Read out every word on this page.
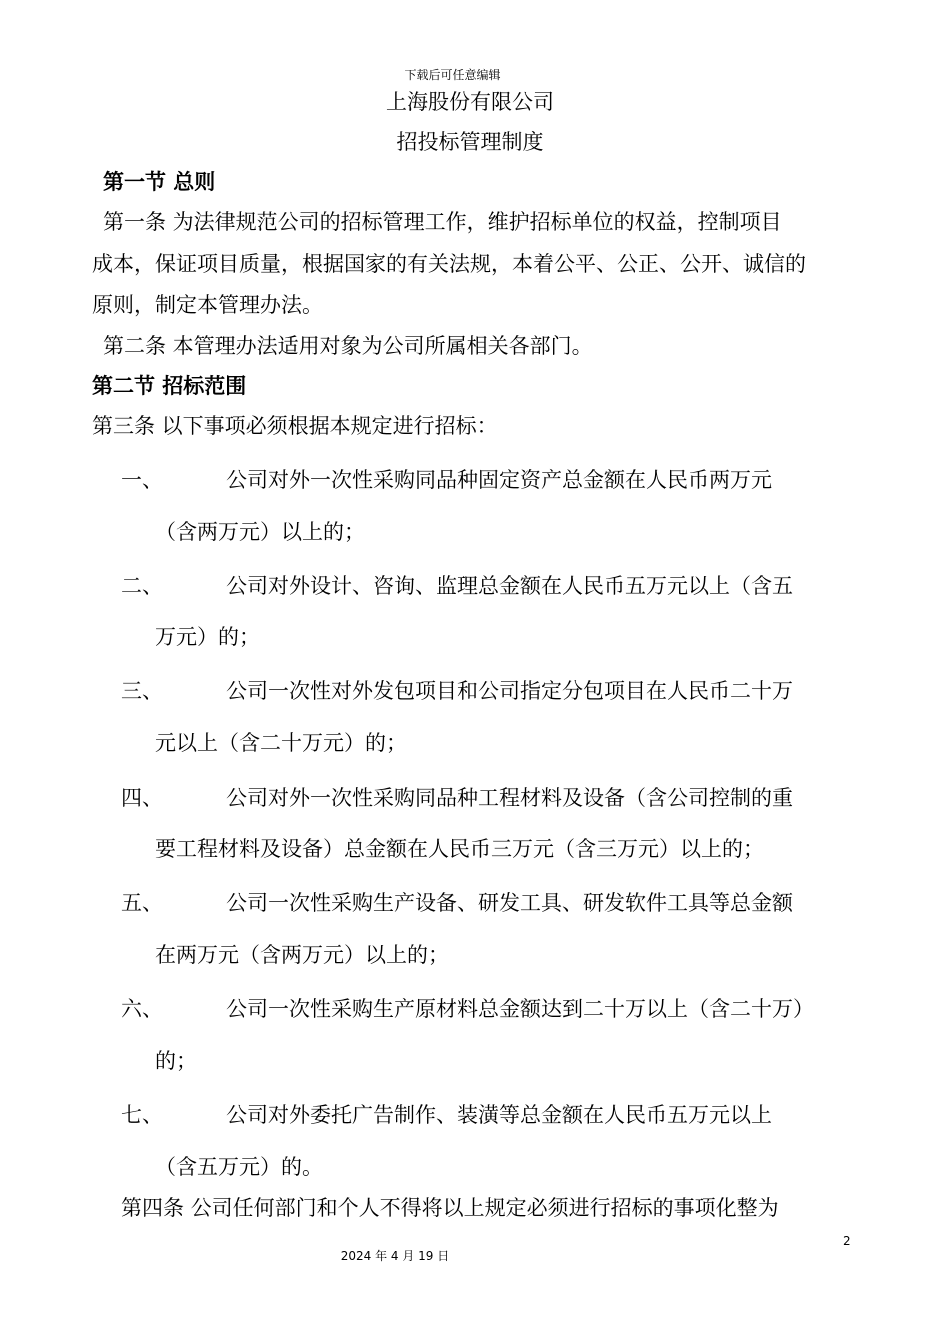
下载后可任意编辑
上海股份有限公司
招投标管理制度
第一节 总则
第一条 为法律规范公司的招标管理工作，维护招标单位的权益，控制项目
成本，保证项目质量，根据国家的有关法规，本着公平、公正、公开、诚信的
原则，制定本管理办法。
第二条 本管理办法适用对象为公司所属相关各部门。
第二节 招标范围
第三条 以下事项必须根据本规定进行招标：
一、	公司对外一次性采购同品种固定资产总金额在人民币两万元
（含两万元）以上的；
二、	公司对外设计、咨询、监理总金额在人民币五万元以上（含五
万元）的；
三、	公司一次性对外发包项目和公司指定分包项目在人民币二十万
元以上（含二十万元）的；
四、	公司对外一次性采购同品种工程材料及设备（含公司控制的重
要工程材料及设备）总金额在人民币三万元（含三万元）以上的；
五、	公司一次性采购生产设备、研发工具、研发软件工具等总金额
在两万元（含两万元）以上的；
六、	公司一次性采购生产原材料总金额达到二十万以上（含二十万）
的；
七、	公司对外委托广告制作、装潢等总金额在人民币五万元以上
（含五万元）的。
第四条 公司任何部门和个人不得将以上规定必须进行招标的事项化整为
2
2024 年 4 月 19 日
